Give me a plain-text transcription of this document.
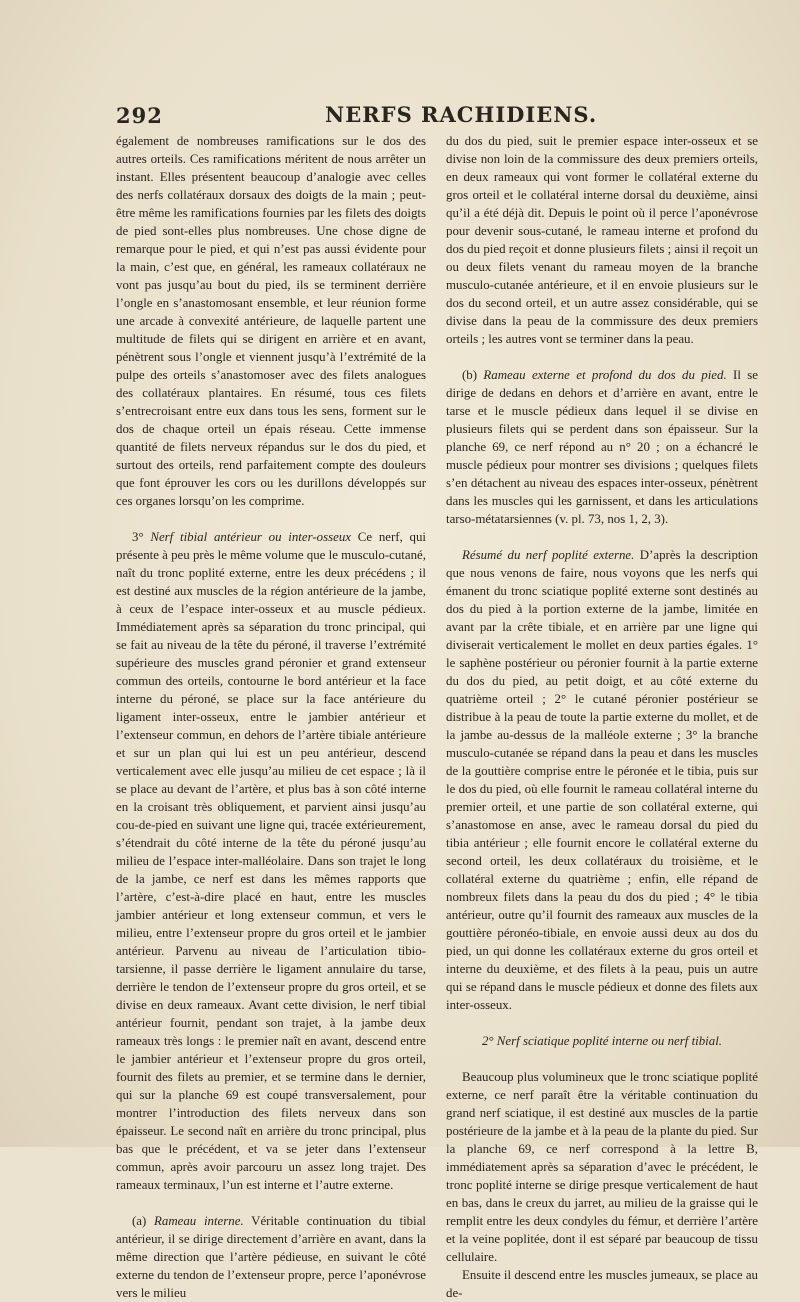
292	NERFS RACHIDIENS.

également de nombreuses ramifications sur le dos des autres orteils. Ces ramifications méritent de nous arrêter un instant. Elles présentent beaucoup d’analogie avec celles des nerfs collatéraux dorsaux des doigts de la main ; peut-être même les ramifications fournies par les filets des doigts de pied sont-elles plus nombreuses. Une chose digne de remarque pour le pied, et qui n’est pas aussi évidente pour la main, c’est que, en général, les rameaux collatéraux ne vont pas jusqu’au bout du pied, ils se terminent derrière l’ongle en s’anastomosant ensemble, et leur réunion forme une arcade à convexité antérieure, de laquelle partent une multitude de filets qui se dirigent en arrière et en avant, pénètrent sous l’ongle et viennent jusqu’à l’extrémité de la pulpe des orteils s’anastomoser avec des filets analogues des collatéraux plantaires. En résumé, tous ces filets s’entrecroisant entre eux dans tous les sens, forment sur le dos de chaque orteil un épais réseau. Cette immense quantité de filets nerveux répandus sur le dos du pied, et surtout des orteils, rend parfaitement compte des douleurs que font éprouver les cors ou les durillons développés sur ces organes lorsqu’on les comprime.

3° Nerf tibial antérieur ou inter-osseux Ce nerf, qui présente à peu près le même volume que le musculo-cutané, naît du tronc poplité externe, entre les deux précédens ; il est destiné aux muscles de la région antérieure de la jambe, à ceux de l’espace inter-osseux et au muscle pédieux. Immédiatement après sa séparation du tronc principal, qui se fait au niveau de la tête du péroné, il traverse l’extrémité supérieure des muscles grand péronier et grand extenseur commun des orteils, contourne le bord antérieur et la face interne du péroné, se place sur la face antérieure du ligament inter-osseux, entre le jambier antérieur et l’extenseur commun, en dehors de l’artère tibiale antérieure et sur un plan qui lui est un peu antérieur, descend verticalement avec elle jusqu’au milieu de cet espace ; là il se place au devant de l’artère, et plus bas à son côté interne en la croisant très obliquement, et parvient ainsi jusqu’au cou-de-pied en suivant une ligne qui, tracée extérieurement, s’étendrait du côté interne de la tête du péroné jusqu’au milieu de l’espace inter-malléolaire. Dans son trajet le long de la jambe, ce nerf est dans les mêmes rapports que l’artère, c’est-à-dire placé en haut, entre les muscles jambier antérieur et long extenseur commun, et vers le milieu, entre l’extenseur propre du gros orteil et le jambier antérieur. Parvenu au niveau de l’articulation tibio-tarsienne, il passe derrière le ligament annulaire du tarse, derrière le tendon de l’extenseur propre du gros orteil, et se divise en deux rameaux. Avant cette division, le nerf tibial antérieur fournit, pendant son trajet, à la jambe deux rameaux très longs : le premier naît en avant, descend entre le jambier antérieur et l’extenseur propre du gros orteil, fournit des filets au premier, et se termine dans le dernier, qui sur la planche 69 est coupé transversalement, pour montrer l’introduction des filets nerveux dans son épaisseur. Le second naît en arrière du tronc principal, plus bas que le précédent, et va se jeter dans l’extenseur commun, après avoir parcouru un assez long trajet. Des rameaux terminaux, l’un est interne et l’autre externe.

(a) Rameau interne. Véritable continuation du tibial antérieur, il se dirige directement d’arrière en avant, dans la même direction que l’artère pédieuse, en suivant le côté externe du tendon de l’extenseur propre, perce l’aponévrose vers le milieu

du dos du pied, suit le premier espace inter-osseux et se divise non loin de la commissure des deux premiers orteils, en deux rameaux qui vont former le collatéral externe du gros orteil et le collatéral interne dorsal du deuxième, ainsi qu’il a été déjà dit. Depuis le point où il perce l’aponévrose pour devenir sous-cutané, le rameau interne et profond du dos du pied reçoit et donne plusieurs filets ; ainsi il reçoit un ou deux filets venant du rameau moyen de la branche musculo-cutanée antérieure, et il en envoie plusieurs sur le dos du second orteil, et un autre assez considérable, qui se divise dans la peau de la commissure des deux premiers orteils ; les autres vont se terminer dans la peau.

(b) Rameau externe et profond du dos du pied. Il se dirige de dedans en dehors et d’arrière en avant, entre le tarse et le muscle pédieux dans lequel il se divise en plusieurs filets qui se perdent dans son épaisseur. Sur la planche 69, ce nerf répond au n° 20 ; on a échancré le muscle pédieux pour montrer ses divisions ; quelques filets s’en détachent au niveau des espaces inter-osseux, pénètrent dans les muscles qui les garnissent, et dans les articulations tarso-métatarsiennes (v. pl. 73, nos 1, 2, 3).

Résumé du nerf poplité externe. D’après la description que nous venons de faire, nous voyons que les nerfs qui émanent du tronc sciatique poplité externe sont destinés au dos du pied à la portion externe de la jambe, limitée en avant par la crête tibiale, et en arrière par une ligne qui diviserait verticalement le mollet en deux parties égales. 1° le saphène postérieur ou péronier fournit à la partie externe du dos du pied, au petit doigt, et au côté externe du quatrième orteil ; 2° le cutané péronier postérieur se distribue à la peau de toute la partie externe du mollet, et de la jambe au-dessus de la malléole externe ; 3° la branche musculo-cutanée se répand dans la peau et dans les muscles de la gouttière comprise entre le péronée et le tibia, puis sur le dos du pied, où elle fournit le rameau collatéral interne du premier orteil, et une partie de son collatéral externe, qui s’anastomose en anse, avec le rameau dorsal du pied du tibia antérieur ; elle fournit encore le collatéral externe du second orteil, les deux collatéraux du troisième, et le collatéral externe du quatrième ; enfin, elle répand de nombreux filets dans la peau du dos du pied ; 4° le tibia antérieur, outre qu’il fournit des rameaux aux muscles de la gouttière péronéo-tibiale, en envoie aussi deux au dos du pied, un qui donne les collatéraux externe du gros orteil et interne du deuxième, et des filets à la peau, puis un autre qui se répand dans le muscle pédieux et donne des filets aux inter-osseux.

2° Nerf sciatique poplité interne ou nerf tibial.

Beaucoup plus volumineux que le tronc sciatique poplité externe, ce nerf paraît être la véritable continuation du grand nerf sciatique, il est destiné aux muscles de la partie postérieure de la jambe et à la peau de la plante du pied. Sur la planche 69, ce nerf correspond à la lettre B, immédiatement après sa séparation d’avec le précédent, le tronc poplité interne se dirige presque verticalement de haut en bas, dans le creux du jarret, au milieu de la graisse qui le remplit entre les deux condyles du fémur, et derrière l’artère et la veine poplitée, dont il est séparé par beaucoup de tissu cellulaire.

Ensuite il descend entre les muscles jumeaux, se place au de-
